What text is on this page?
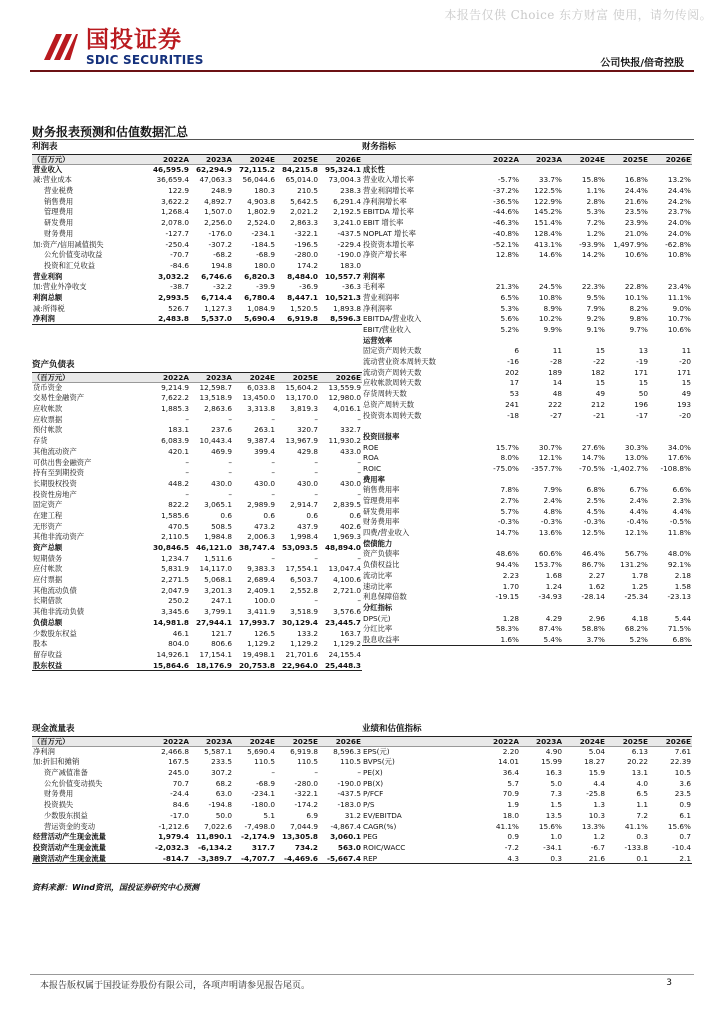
本报告仅供 Choice 东方财富 使用，请勿传阅。
国投证券
SDIC SECURITIES	公司快报/倍奇控股
财务报表预测和估值数据汇总
利润表
（百万元）	2022A	2023A	2024E	2025E	2026E
营业收入	46,595.9 62,294.9 72,115.2 84,215.8 95,324.1
减:营业成本	36,659.4	47,063.3	56,044.6	65,014.0	73,004.3
营业税费	122.9	248.9	180.3	210.5	238.3
销售费用	3,622.2	4,892.7	4,903.8	5,642.5	6,291.4
管理费用	1,268.4	1,507.0	1,802.9	2,021.2	2,192.5
研发费用	2,078.0	2,256.0	2,524.0	2,863.3	3,241.0
财务费用	-127.7	-176.0	-234.1	-322.1	-437.5
加:资产/信用减值损失	-250.4	-307.2	-184.5	-196.5	-229.4
公允价值变动收益	-70.7	-68.2	-68.9	-280.0	-190.0
投资和汇兑收益	-84.6	194.8	180.0	174.2	183.0
营业利润	3,032.2	6,746.6	6,820.3	8,484.0 10,557.7
加:营业外净收支	-38.7	-32.2	-39.9	-36.9	-36.3
利润总额	2,993.5	6,714.4	6,780.4	8,447.1 10,521.3
减:所得税	526.7	1,127.3	1,084.9	1,520.5	1,893.8
净利润	2,483.8	5,537.0	5,690.4	6,919.8	8,596.3
资产负债表
（百万元）	2022A	2023A	2024E	2025E	2026E
货币资金	9,214.9	12,598.7	6,033.8	15,604.2	13,559.9
交易性金融资产	7,622.2	13,518.9	13,450.0	13,170.0	12,980.0
应收帐款	1,885.3	2,863.6	3,313.8	3,819.3	4,016.1
应收票据	–	–	–	–	–
预付帐款	183.1	237.6	263.1	320.7	332.7
存货	6,083.9	10,443.4	9,387.4	13,967.9	11,930.2
其他流动资产	420.1	469.9	399.4	429.8	433.0
可供出售金融资产	–	–	–	–	–
持有至到期投资	–	–	–	–	–
长期股权投资	448.2	430.0	430.0	430.0	430.0
投资性房地产	–	–	–	–	–
固定资产	822.2	3,065.1	2,989.9	2,914.7	2,839.5
在建工程	1,585.6	0.6	0.6	0.6	0.6
无形资产	470.5	508.5	473.2	437.9	402.6
其他非流动资产	2,110.5	1,984.8	2,006.3	1,998.4	1,969.3
资产总额	30,846.5 46,121.0 38,747.4 53,093.5 48,894.0
短期债务	1,234.7	1,511.6	–	–	–
应付帐款	5,831.9	14,117.0	9,383.3	17,554.1	13,047.4
应付票据	2,271.5	5,068.1	2,689.4	6,503.7	4,100.6
其他流动负债	2,047.9	3,201.3	2,409.1	2,552.8	2,721.0
长期借款	250.2	247.1	100.0	–	–
其他非流动负债	3,345.6	3,799.1	3,411.9	3,518.9	3,576.6
负债总额	14,981.8 27,944.1 17,993.7 30,129.4 23,445.7
少数股东权益	46.1	121.7	126.5	133.2	163.7
股本	804.0	806.6	1,129.2	1,129.2	1,129.2
留存收益	14,926.1	17,154.1	19,498.1	21,701.6	24,155.4
股东权益	15,864.6 18,176.9 20,753.8 22,964.0 25,448.3
现金流量表
（百万元）	2022A	2023A	2024E	2025E	2026E
净利润	2,466.8	5,587.1	5,690.4	6,919.8	8,596.3
加:折旧和摊销	167.5	233.5	110.5	110.5	110.5
资产减值准备	245.0	307.2	–	–	–
公允价值变动损失	70.7	68.2	-68.9	-280.0	-190.0
财务费用	-24.4	63.0	-234.1	-322.1	-437.5
投资损失	84.6	-194.8	-180.0	-174.2	-183.0
少数股东损益	-17.0	50.0	5.1	6.9	31.2
营运资金的变动	-1,212.6	7,022.6	-7,498.0	7,044.9	-4,867.4
经营活动产生现金流量	1,979.4 11,890.1	-2,174.9 13,305.8	3,060.1
投资活动产生现金流量	-2,032.3	-6,134.2	317.7	734.2	563.0
融资活动产生现金流量	-814.7	-3,389.7	-4,707.7	-4,469.6	-5,667.4
财务指标
2022A	2023A	2024E	2025E	2026E
成长性
营业收入增长率	-5.7%	33.7%	15.8%	16.8%	13.2%
营业利润增长率	-37.2%	122.5%	1.1%	24.4%	24.4%
净利润增长率	-36.5%	122.9%	2.8%	21.6%	24.2%
EBITDA 增长率	-44.6%	145.2%	5.3%	23.5%	23.7%
EBIT 增长率	-46.3%	151.4%	7.2%	23.9%	24.0%
NOPLAT 增长率	-40.8%	128.4%	1.2%	21.0%	24.0%
投资资本增长率	-52.1%	413.1%	-93.9%	1,497.9%	-62.8%
净资产增长率	12.8%	14.6%	14.2%	10.6%	10.8%
利润率
毛利率	21.3%	24.5%	22.3%	22.8%	23.4%
营业利润率	6.5%	10.8%	9.5%	10.1%	11.1%
净利润率	5.3%	8.9%	7.9%	8.2%	9.0%
EBITDA/营业收入	5.6%	10.2%	9.2%	9.8%	10.7%
EBIT/营业收入	5.2%	9.9%	9.1%	9.7%	10.6%
运营效率
固定资产周转天数	6	11	15	13	11
流动营业资本周转天数	-16	-28	-22	-19	-20
流动资产周转天数	202	189	182	171	171
应收帐款周转天数	17	14	15	15	15
存货周转天数	53	48	49	50	49
总资产周转天数	241	222	212	196	193
投资资本周转天数	-18	-27	-21	-17	-20
投资回报率
ROE	15.7%	30.7%	27.6%	30.3%	34.0%
ROA	8.0%	12.1%	14.7%	13.0%	17.6%
ROIC	-75.0%	-357.7%	-70.5% -1,402.7%	-108.8%
费用率
销售费用率	7.8%	7.9%	6.8%	6.7%	6.6%
管理费用率	2.7%	2.4%	2.5%	2.4%	2.3%
研发费用率	5.7%	4.8%	4.5%	4.4%	4.4%
财务费用率	-0.3%	-0.3%	-0.3%	-0.4%	-0.5%
四费/营业收入	14.7%	13.6%	12.5%	12.1%	11.8%
偿债能力
资产负债率	48.6%	60.6%	46.4%	56.7%	48.0%
负债权益比	94.4%	153.7%	86.7%	131.2%	92.1%
流动比率	2.23	1.68	2.27	1.78	2.18
速动比率	1.70	1.24	1.62	1.25	1.58
利息保障倍数	-19.15	-34.93	-28.14	-25.34	-23.13
分红指标
DPS(元)	1.28	4.29	2.96	4.18	5.44
分红比率	58.3%	87.4%	58.8%	68.2%	71.5%
股息收益率	1.6%	5.4%	3.7%	5.2%	6.8%
业绩和估值指标
2022A	2023A	2024E	2025E	2026E
EPS(元)	2.20	4.90	5.04	6.13	7.61
BVPS(元)	14.01	15.99	18.27	20.22	22.39
PE(X)	36.4	16.3	15.9	13.1	10.5
PB(X)	5.7	5.0	4.4	4.0	3.6
P/FCF	70.9	7.3	-25.8	6.5	23.5
P/S	1.9	1.5	1.3	1.1	0.9
EV/EBITDA	18.0	13.5	10.3	7.2	6.1
CAGR(%)	41.1%	15.6%	13.3%	41.1%	15.6%
PEG	0.9	1.0	1.2	0.3	0.7
ROIC/WACC	-7.2	-34.1	-6.7	-133.8	-10.4
REP	4.3	0.3	21.6	0.1	2.1
资料来源：Wind资讯，国投证券研究中心预测
本报告版权属于国投证券股份有限公司，各项声明请参见报告尾页。	3
